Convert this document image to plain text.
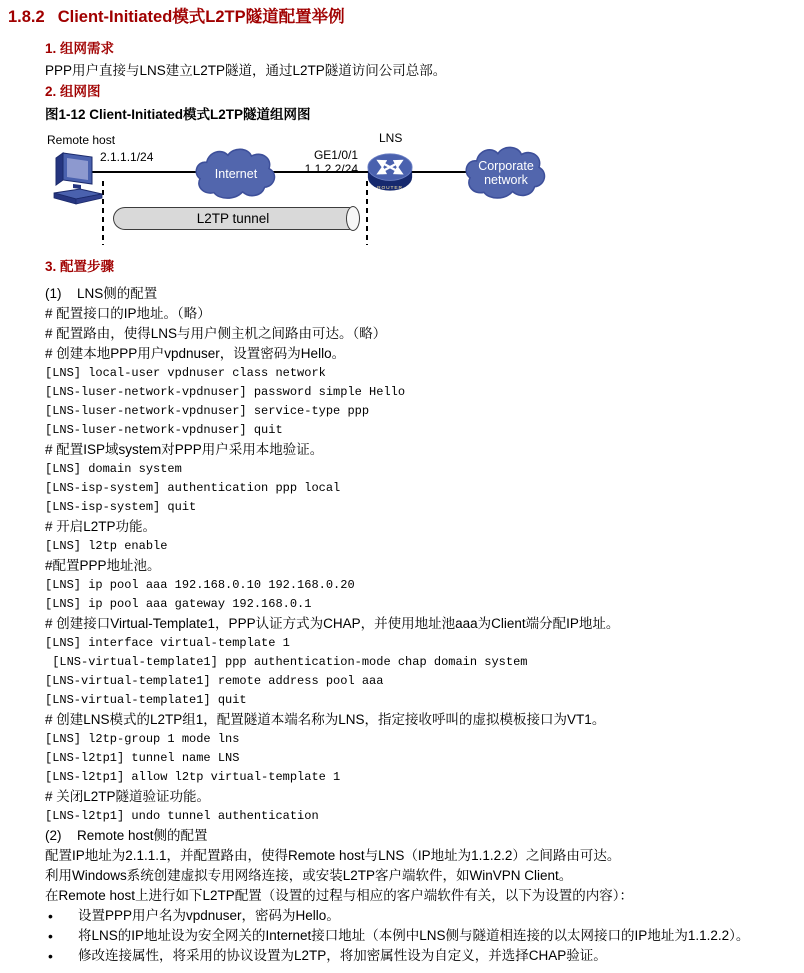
1.8.2 Client-Initiated模式L2TP隧道配置举例
1. 组网需求
PPP用户直接与LNS建立L2TP隧道，通过L2TP隧道访问公司总部。
2. 组网图
图1-12 Client-Initiated模式L2TP隧道组网图
Remote host
2.1.1.1/24	GE1/0/1
1.1.2.2/24
LNS
Internet
ROUTER
Corporate
network
L2TP tunnel
3. 配置步骤
(1) LNS侧的配置
# 配置接口的IP地址。（略）
# 配置路由，使得LNS与用户侧主机之间路由可达。（略）
# 创建本地PPP用户vpdnuser，设置密码为Hello。
[LNS] local-user vpdnuser class network
[LNS-luser-network-vpdnuser] password simple Hello
[LNS-luser-network-vpdnuser] service-type ppp
[LNS-luser-network-vpdnuser] quit
# 配置ISP域system对PPP用户采用本地验证。
[LNS] domain system
[LNS-isp-system] authentication ppp local
[LNS-isp-system] quit
# 开启L2TP功能。
[LNS] l2tp enable
#配置PPP地址池。
[LNS] ip pool aaa 192.168.0.10 192.168.0.20
[LNS] ip pool aaa gateway 192.168.0.1
# 创建接口Virtual-Template1，PPP认证方式为CHAP，并使用地址池aaa为Client端分配IP地址。
[LNS] interface virtual-template 1
[LNS-virtual-template1] ppp authentication-mode chap domain system
[LNS-virtual-template1] remote address pool aaa
[LNS-virtual-template1] quit
# 创建LNS模式的L2TP组1，配置隧道本端名称为LNS，指定接收呼叫的虚拟模板接口为VT1。
[LNS] l2tp-group 1 mode lns
[LNS-l2tp1] tunnel name LNS
[LNS-l2tp1] allow l2tp virtual-template 1
# 关闭L2TP隧道验证功能。
[LNS-l2tp1] undo tunnel authentication
(2) Remote host侧的配置
配置IP地址为2.1.1.1，并配置路由，使得Remote host与LNS（IP地址为1.1.2.2）之间路由可达。
利用Windows系统创建虚拟专用网络连接，或安装L2TP客户端软件，如WinVPN Client。
在Remote host上进行如下L2TP配置（设置的过程与相应的客户端软件有关，以下为设置的内容）：
• 设置PPP用户名为vpdnuser，密码为Hello。
• 将LNS的IP地址设为安全网关的Internet接口地址（本例中LNS侧与隧道相连接的以太网接口的IP地址为1.1.2.2）。
• 修改连接属性，将采用的协议设置为L2TP，将加密属性设为自定义，并选择CHAP验证。
